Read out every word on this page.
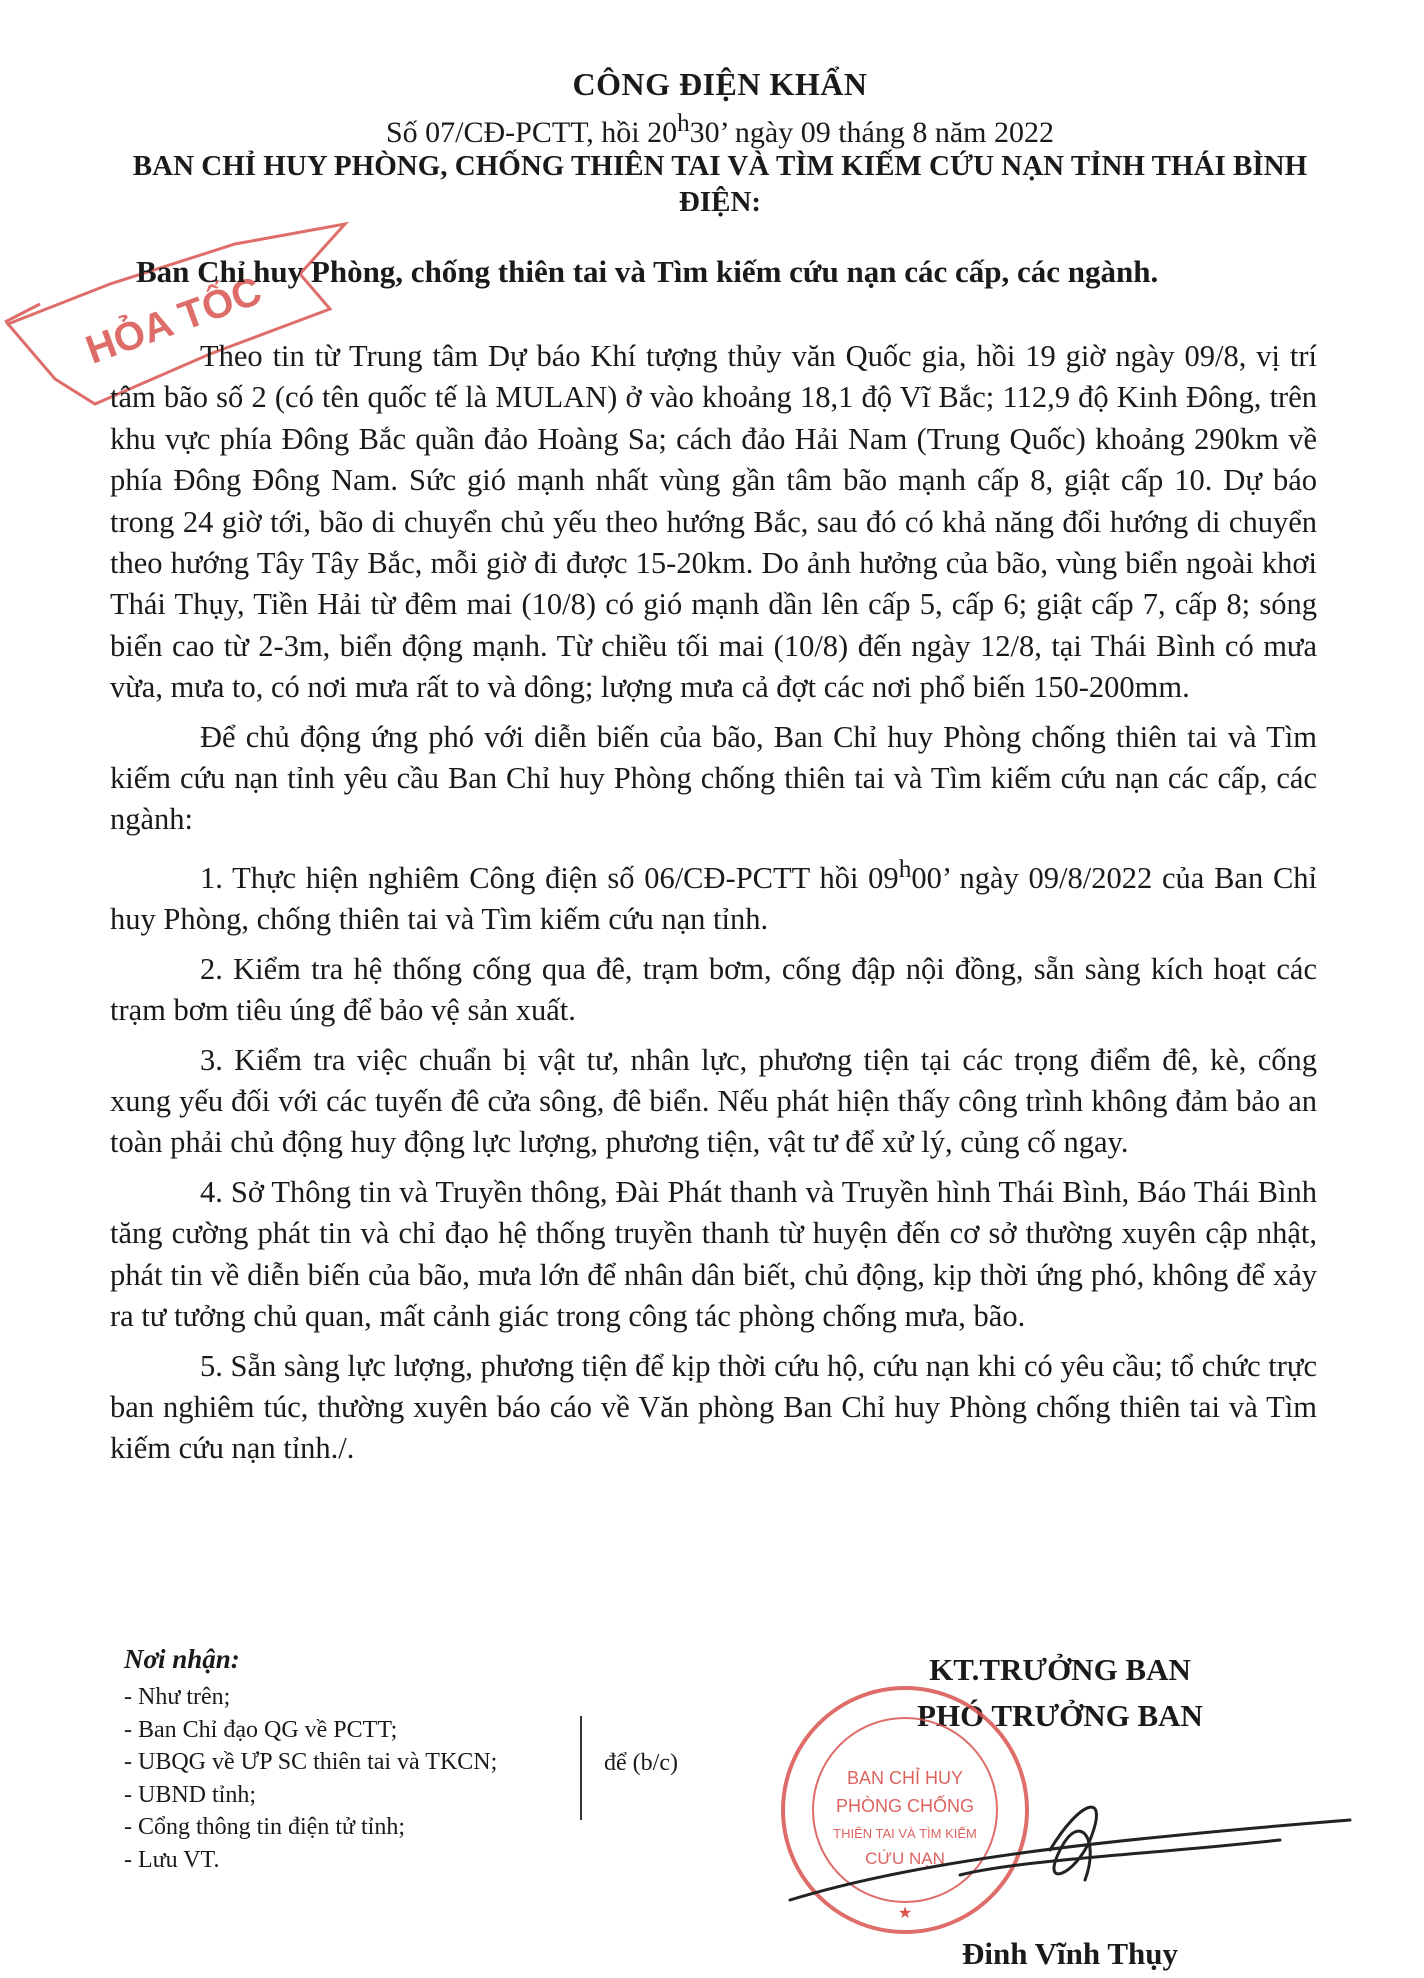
HỎA TỐC
CÔNG ĐIỆN KHẨN
Số 07/CĐ-PCTT, hồi 20$^h$30’ ngày 09 tháng 8 năm 2022
BAN CHỈ HUY PHÒNG, CHỐNG THIÊN TAI VÀ TÌM KIẾM CỨU NẠN TỈNH THÁI BÌNH
ĐIỆN:
Ban Chỉ huy Phòng, chống thiên tai và Tìm kiếm cứu nạn các cấp, các ngành.

Theo tin từ Trung tâm Dự báo Khí tượng thủy văn Quốc gia, hồi 19 giờ ngày 09/8, vị trí tâm bão số 2 (có tên quốc tế là MULAN) ở vào khoảng 18,1 độ Vĩ Bắc; 112,9 độ Kinh Đông, trên khu vực phía Đông Bắc quần đảo Hoàng Sa; cách đảo Hải Nam (Trung Quốc) khoảng 290km về phía Đông Đông Nam. Sức gió mạnh nhất vùng gần tâm bão mạnh cấp 8, giật cấp 10. Dự báo trong 24 giờ tới, bão di chuyển chủ yếu theo hướng Bắc, sau đó có khả năng đổi hướng di chuyển theo hướng Tây Tây Bắc, mỗi giờ đi được 15-20km. Do ảnh hưởng của bão, vùng biển ngoài khơi Thái Thụy, Tiền Hải từ đêm mai (10/8) có gió mạnh dần lên cấp 5, cấp 6; giật cấp 7, cấp 8; sóng biển cao từ 2-3m, biển động mạnh. Từ chiều tối mai (10/8) đến ngày 12/8, tại Thái Bình có mưa vừa, mưa to, có nơi mưa rất to và dông; lượng mưa cả đợt các nơi phổ biến 150-200mm.

Để chủ động ứng phó với diễn biến của bão, Ban Chỉ huy Phòng chống thiên tai và Tìm kiếm cứu nạn tỉnh yêu cầu Ban Chỉ huy Phòng chống thiên tai và Tìm kiếm cứu nạn các cấp, các ngành:

1. Thực hiện nghiêm Công điện số 06/CĐ-PCTT hồi 09$^h$00’ ngày 09/8/2022 của Ban Chỉ huy Phòng, chống thiên tai và Tìm kiếm cứu nạn tỉnh.

2. Kiểm tra hệ thống cống qua đê, trạm bơm, cống đập nội đồng, sẵn sàng kích hoạt các trạm bơm tiêu úng để bảo vệ sản xuất.

3. Kiểm tra việc chuẩn bị vật tư, nhân lực, phương tiện tại các trọng điểm đê, kè, cống xung yếu đối với các tuyến đê cửa sông, đê biển. Nếu phát hiện thấy công trình không đảm bảo an toàn phải chủ động huy động lực lượng, phương tiện, vật tư để xử lý, củng cố ngay.

4. Sở Thông tin và Truyền thông, Đài Phát thanh và Truyền hình Thái Bình, Báo Thái Bình tăng cường phát tin và chỉ đạo hệ thống truyền thanh từ huyện đến cơ sở thường xuyên cập nhật, phát tin về diễn biến của bão, mưa lớn để nhân dân biết, chủ động, kịp thời ứng phó, không để xảy ra tư tưởng chủ quan, mất cảnh giác trong công tác phòng chống mưa, bão.

5. Sẵn sàng lực lượng, phương tiện để kịp thời cứu hộ, cứu nạn khi có yêu cầu; tổ chức trực ban nghiêm túc, thường xuyên báo cáo về Văn phòng Ban Chỉ huy Phòng chống thiên tai và Tìm kiếm cứu nạn tỉnh./.

Nơi nhận:
- Như trên;
- Ban Chỉ đạo QG về PCTT;
- UBQG về ƯP SC thiên tai và TKCN;
- UBND tỉnh;
- Cổng thông tin điện tử tỉnh;
- Lưu VT.
để (b/c)
KT.TRƯỞNG BAN
PHÓ TRƯỞNG BAN
BAN CHỈ HUY
PHÒNG CHỐNG
THIÊN TAI VÀ TÌM KIẾM
CỨU NẠN
★
Đinh Vĩnh Thụy
